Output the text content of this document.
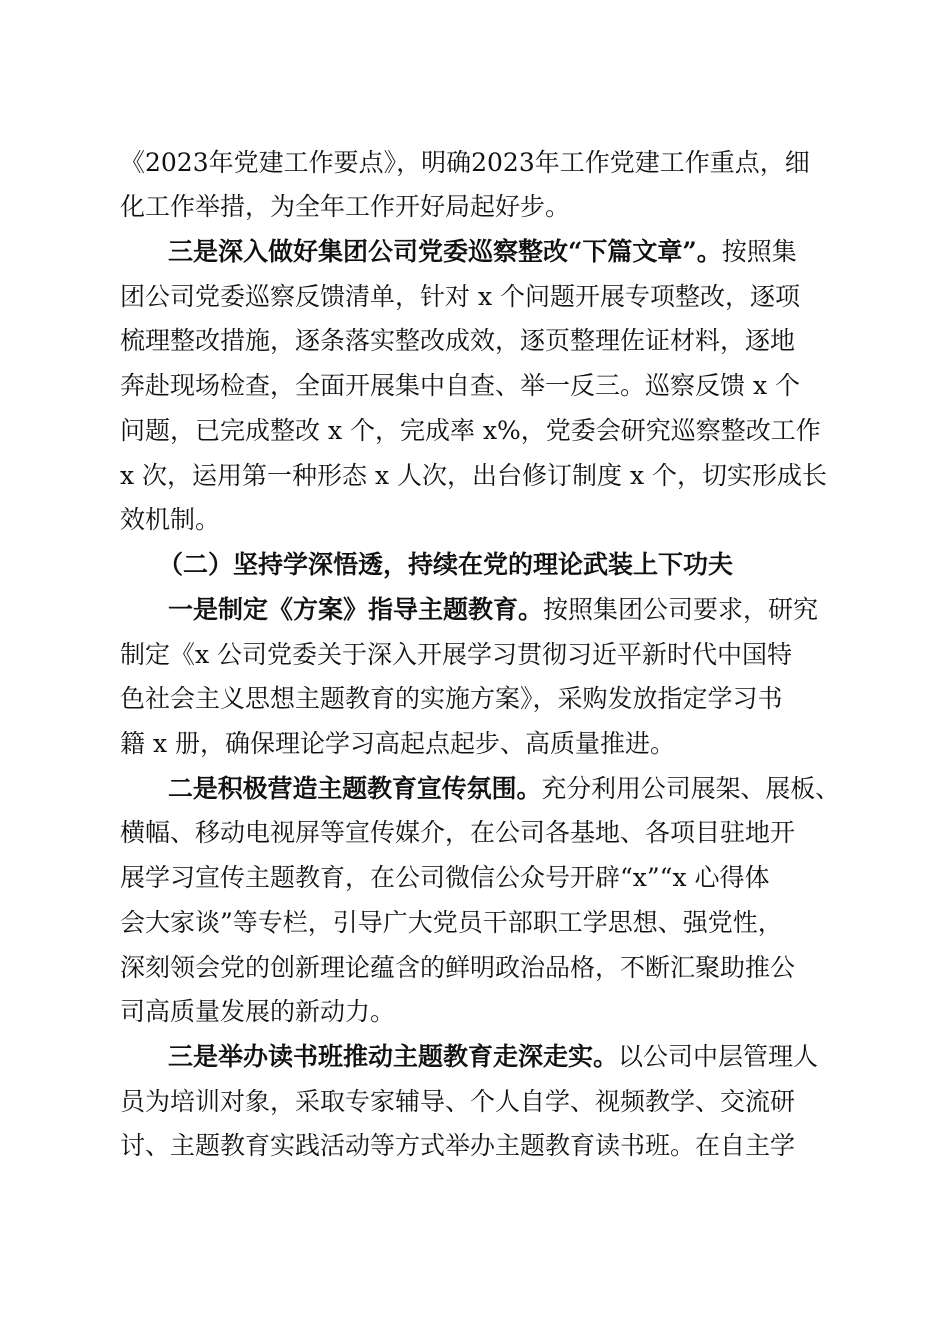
《2023年党建工作要点》，明确2023年工作党建工作重点，细
化工作举措，为全年工作开好局起好步。
三是深入做好集团公司党委巡察整改“下篇文章”。按照集
团公司党委巡察反馈清单，针对 x 个问题开展专项整改，逐项
梳理整改措施，逐条落实整改成效，逐页整理佐证材料，逐地
奔赴现场检查，全面开展集中自查、举一反三。巡察反馈 x 个
问题，已完成整改 x 个，完成率 x%，党委会研究巡察整改工作
x 次，运用第一种形态 x 人次，出台修订制度 x 个，切实形成长
效机制。
（二）坚持学深悟透，持续在党的理论武装上下功夫
一是制定《方案》指导主题教育。按照集团公司要求，研究
制定《x 公司党委关于深入开展学习贯彻习近平新时代中国特
色社会主义思想主题教育的实施方案》，采购发放指定学习书
籍 x 册，确保理论学习高起点起步、高质量推进。
二是积极营造主题教育宣传氛围。充分利用公司展架、展板、
横幅、移动电视屏等宣传媒介，在公司各基地、各项目驻地开
展学习宣传主题教育，在公司微信公众号开辟“x”“x 心得体
会大家谈”等专栏，引导广大党员干部职工学思想、强党性，
深刻领会党的创新理论蕴含的鲜明政治品格，不断汇聚助推公
司高质量发展的新动力。
三是举办读书班推动主题教育走深走实。以公司中层管理人
员为培训对象，采取专家辅导、个人自学、视频教学、交流研
讨、主题教育实践活动等方式举办主题教育读书班。在自主学
